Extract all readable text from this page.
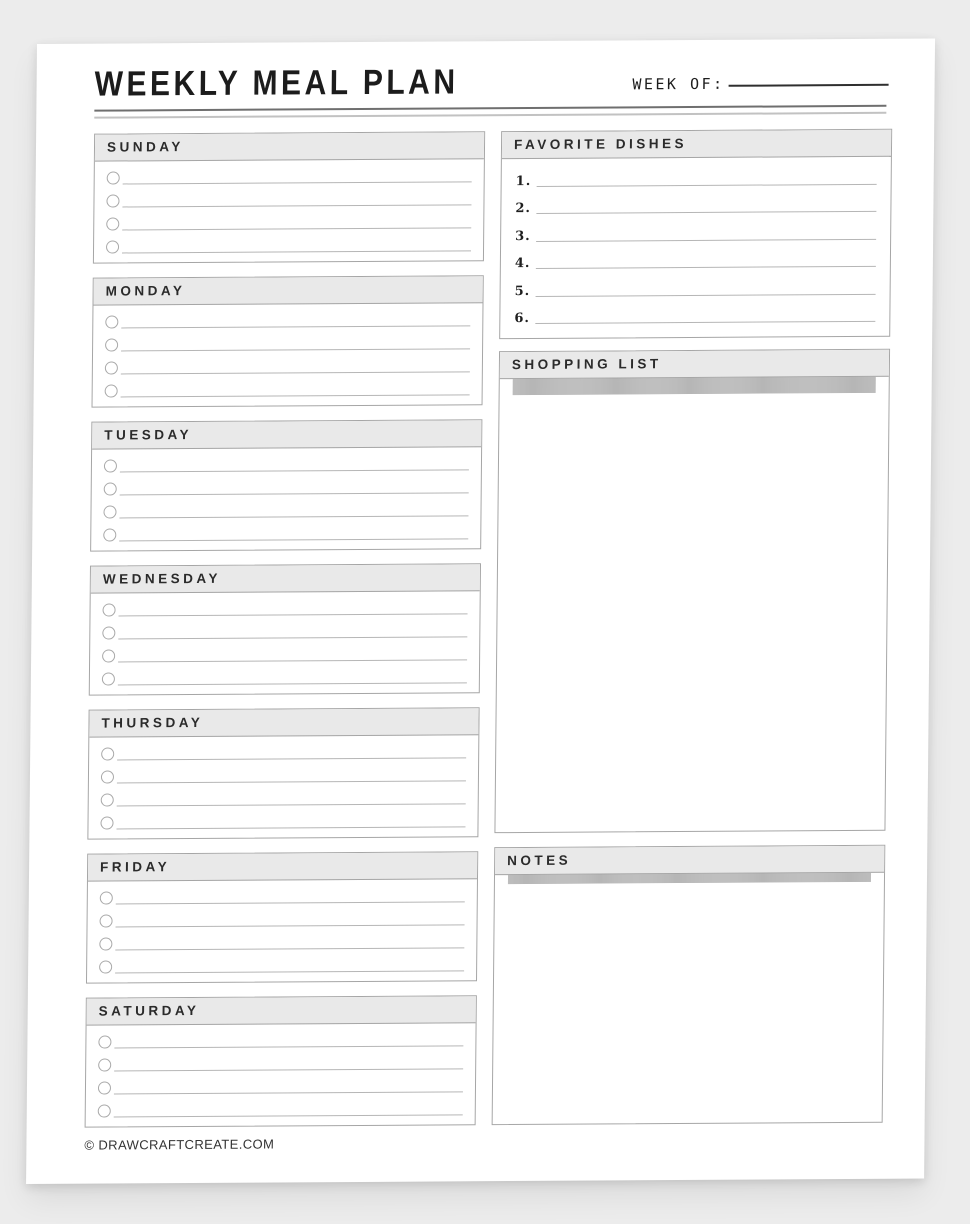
WEEKLY MEAL PLAN	WEEK OF:
SUNDAY
MONDAY
TUESDAY
WEDNESDAY
THURSDAY
FRIDAY
SATURDAY
FAVORITE DISHES
1.
2.
3.
4.
5.
6.
SHOPPING LIST
NOTES
© DRAWCRAFTCREATE.COM
